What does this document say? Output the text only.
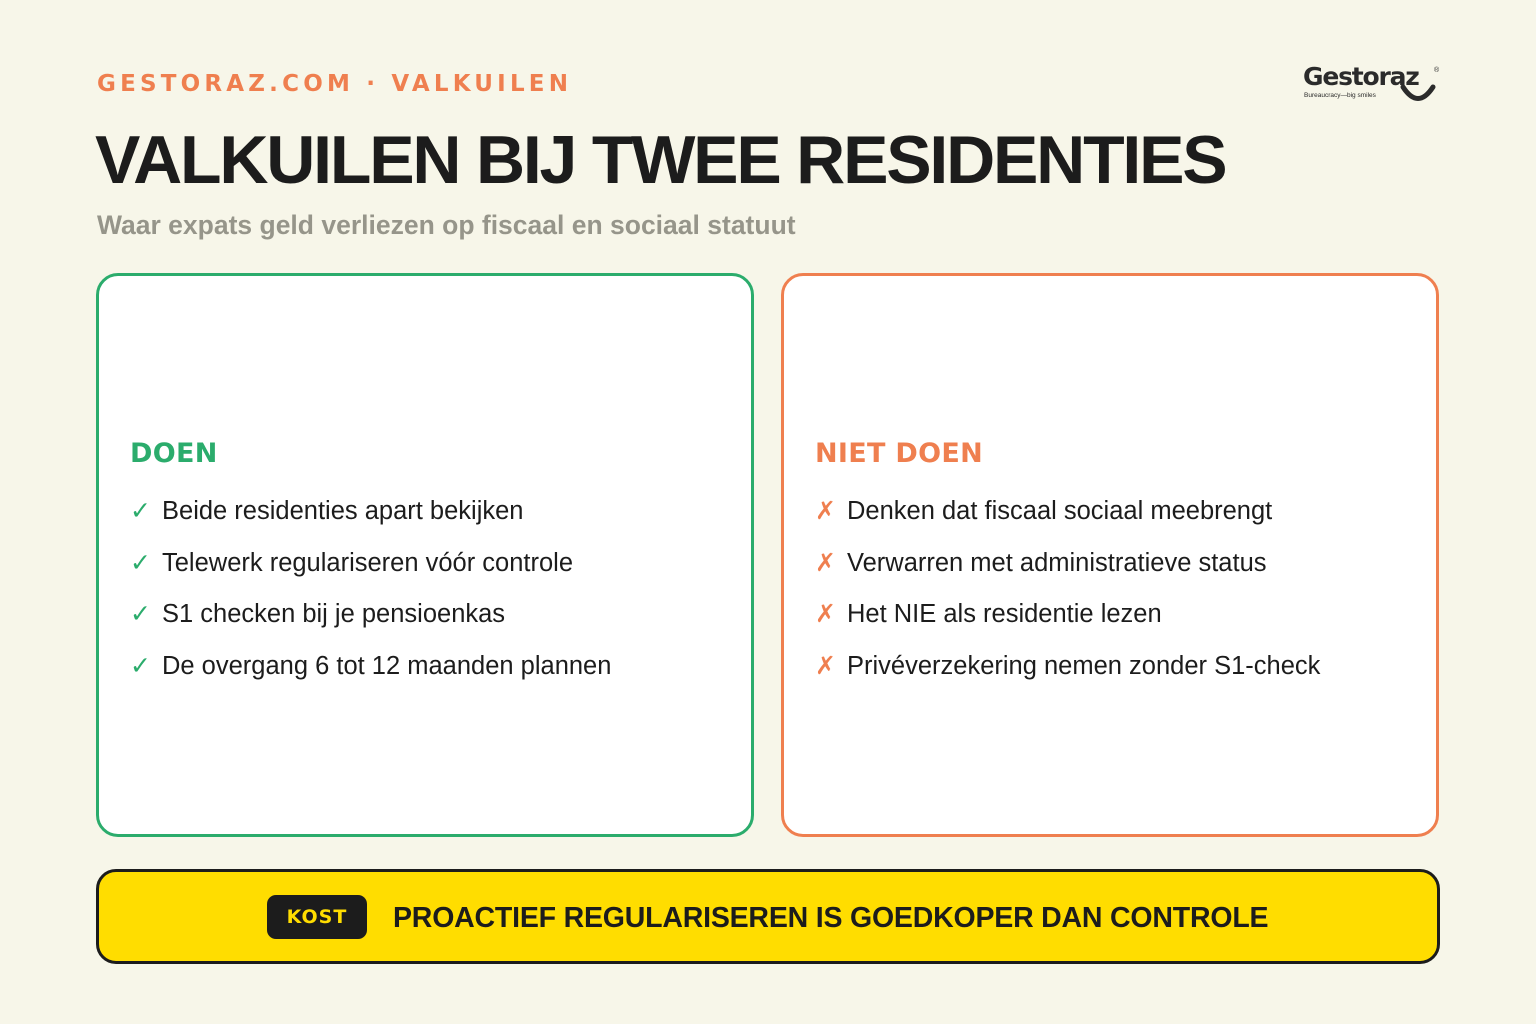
GESTORAZ.COM · VALKUILEN	Gestoraz ®
Bureaucracy—big smiles
VALKUILEN BIJ TWEE RESIDENTIES
Waar expats geld verliezen op fiscaal en sociaal statuut
DOEN
✓ Beide residenties apart bekijken
✓ Telewerk regulariseren vóór controle
✓ S1 checken bij je pensioenkas
✓ De overgang 6 tot 12 maanden plannen
NIET DOEN
✗ Denken dat fiscaal sociaal meebrengt
✗ Verwarren met administratieve status
✗ Het NIE als residentie lezen
✗ Privéverzekering nemen zonder S1-check
KOST	PROACTIEF REGULARISEREN IS GOEDKOPER DAN CONTROLE
